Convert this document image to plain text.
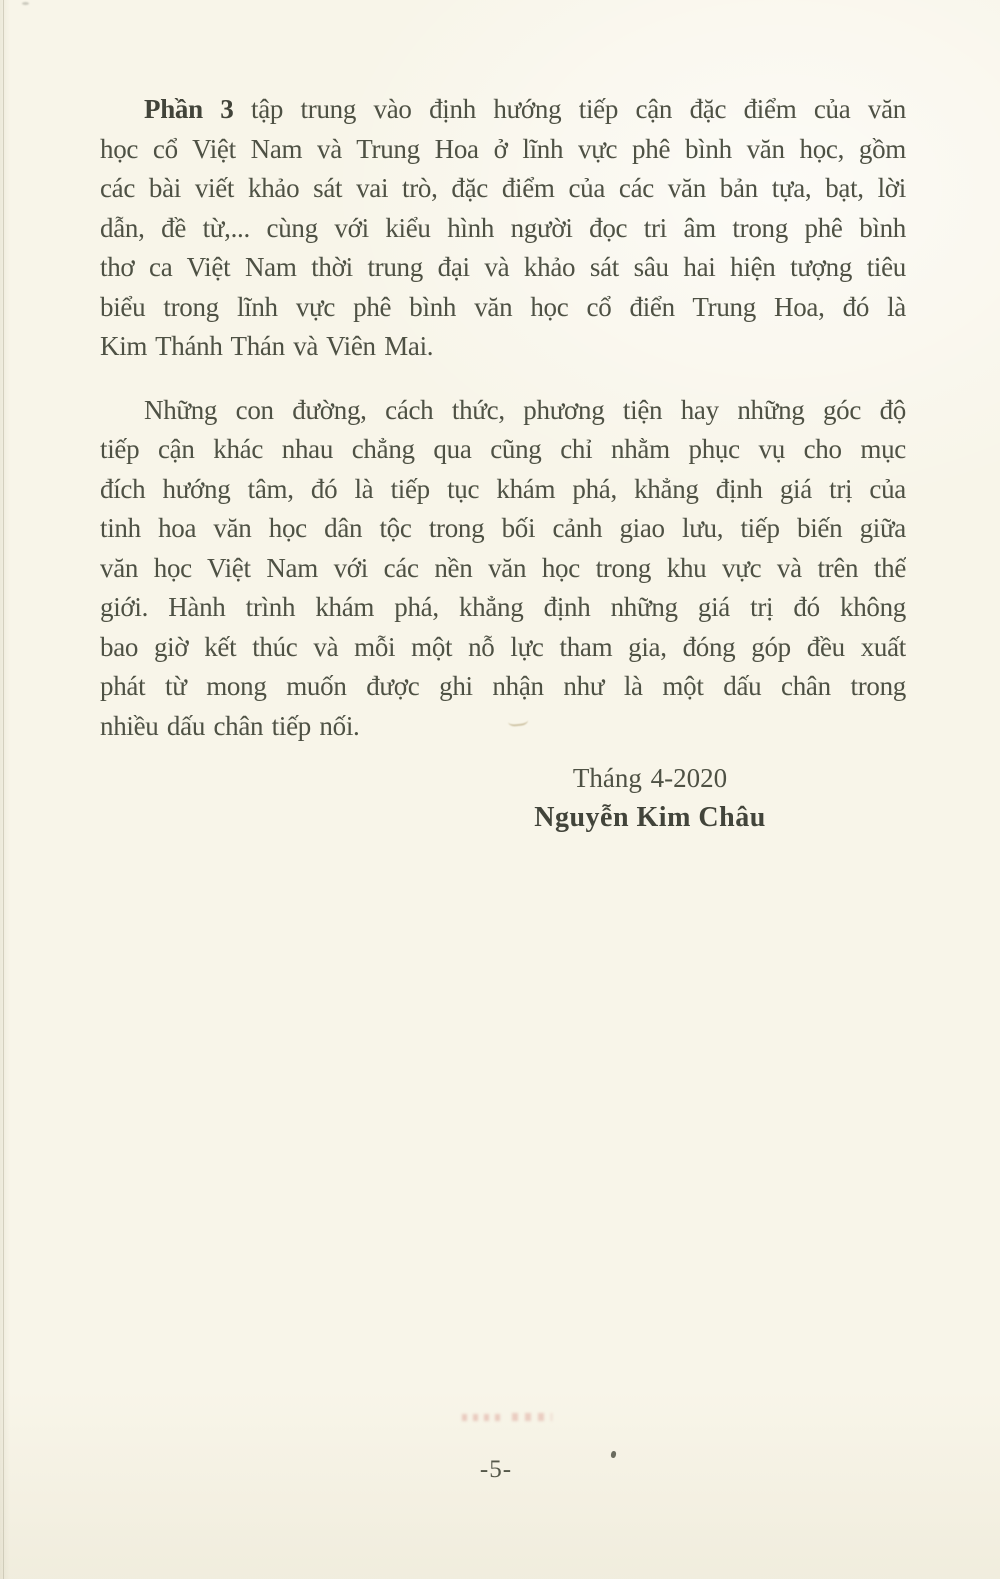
Phần 3 tập trung vào định hướng tiếp cận đặc điểm của văn
học cổ Việt Nam và Trung Hoa ở lĩnh vực phê bình văn học, gồm
các bài viết khảo sát vai trò, đặc điểm của các văn bản tựa, bạt, lời
dẫn, đề từ,... cùng với kiểu hình người đọc tri âm trong phê bình
thơ ca Việt Nam thời trung đại và khảo sát sâu hai hiện tượng tiêu
biểu trong lĩnh vực phê bình văn học cổ điển Trung Hoa, đó là
Kim Thánh Thán và Viên Mai.
Những con đường, cách thức, phương tiện hay những góc độ
tiếp cận khác nhau chẳng qua cũng chỉ nhằm phục vụ cho mục
đích hướng tâm, đó là tiếp tục khám phá, khẳng định giá trị của
tinh hoa văn học dân tộc trong bối cảnh giao lưu, tiếp biến giữa
văn học Việt Nam với các nền văn học trong khu vực và trên thế
giới. Hành trình khám phá, khẳng định những giá trị đó không
bao giờ kết thúc và mỗi một nỗ lực tham gia, đóng góp đều xuất
phát từ mong muốn được ghi nhận như là một dấu chân trong
nhiều dấu chân tiếp nối.
Tháng 4-2020
Nguyễn Kim Châu
-5-
